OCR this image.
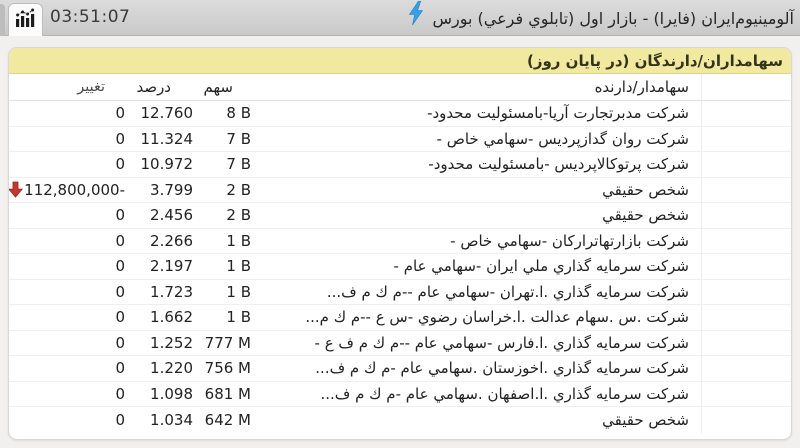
03:51:07	آلومينيوم‌ايران (فايرا) - بازار اول (تابلوي فرعي) بورس
سهامداران/دارندگان (در پايان روز)
سهامدار/دارنده
سهم
درصد
تغيير
شرکت مدبرتجارت آريا-بامسئوليت محدود-
8 B
12.760
0
شرکت روان گدازپرديس -سهامي خاص -
7 B
11.324
0
شرکت پرتوکالاپرديس -بامسئوليت محدود-
7 B
10.972
0
شخص حقيقي
2 B
3.799
112,800,000-
شخص حقيقي
2 B
2.456
0
شرکت بازارتهاتراركان -سهامي خاص -
1 B
2.266
0
شرکت سرمايه گذاري ملي ايران -سهامي عام -
1 B
2.197
0
شرکت سرمايه گذاري .ا.تهران -سهامي عام --م ك م ف...
1 B
1.723
0
شرکت .س .سهام عدالت .ا.خراسان رضوي -س ع --م ك م...
1 B
1.662
0
شرکت سرمايه گذاري .ا.فارس -سهامي عام --م ك م ف ع -
777 M
1.252
0
شرکت سرمايه گذاري .اخوزستان .سهامي عام -م ك م ف...
756 M
1.220
0
شرکت سرمايه گذاري .ا.اصفهان .سهامي عام -م ك م ف...
681 M
1.098
0
شخص حقيقي
642 M
1.034
0
